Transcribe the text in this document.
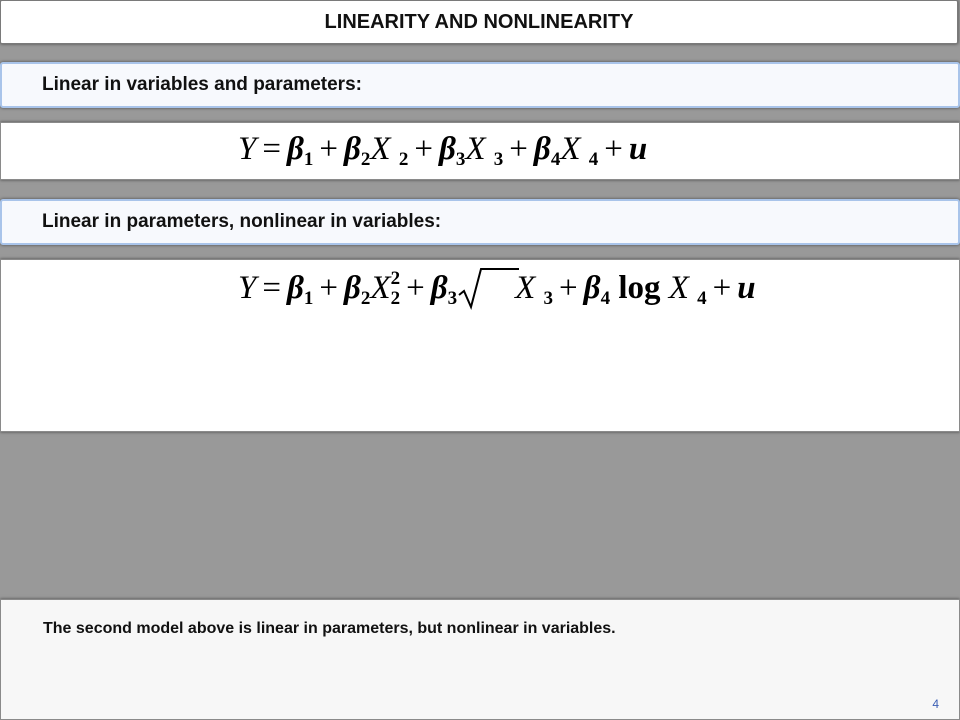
LINEARITY AND NONLINEARITY
Linear in variables and parameters:
$Y = \beta_1 + \beta_2X$ $_2 + \beta_3X$ $_3 + \beta_4X$ $_4$ + u
Linear in parameters, nonlinear in variables:
$Y = \beta_1 + \beta_2X22 + \beta_3$ X $_3 + \beta_4$ log X $_4$ + u
The second model above is linear in parameters, but nonlinear in variables.
4
